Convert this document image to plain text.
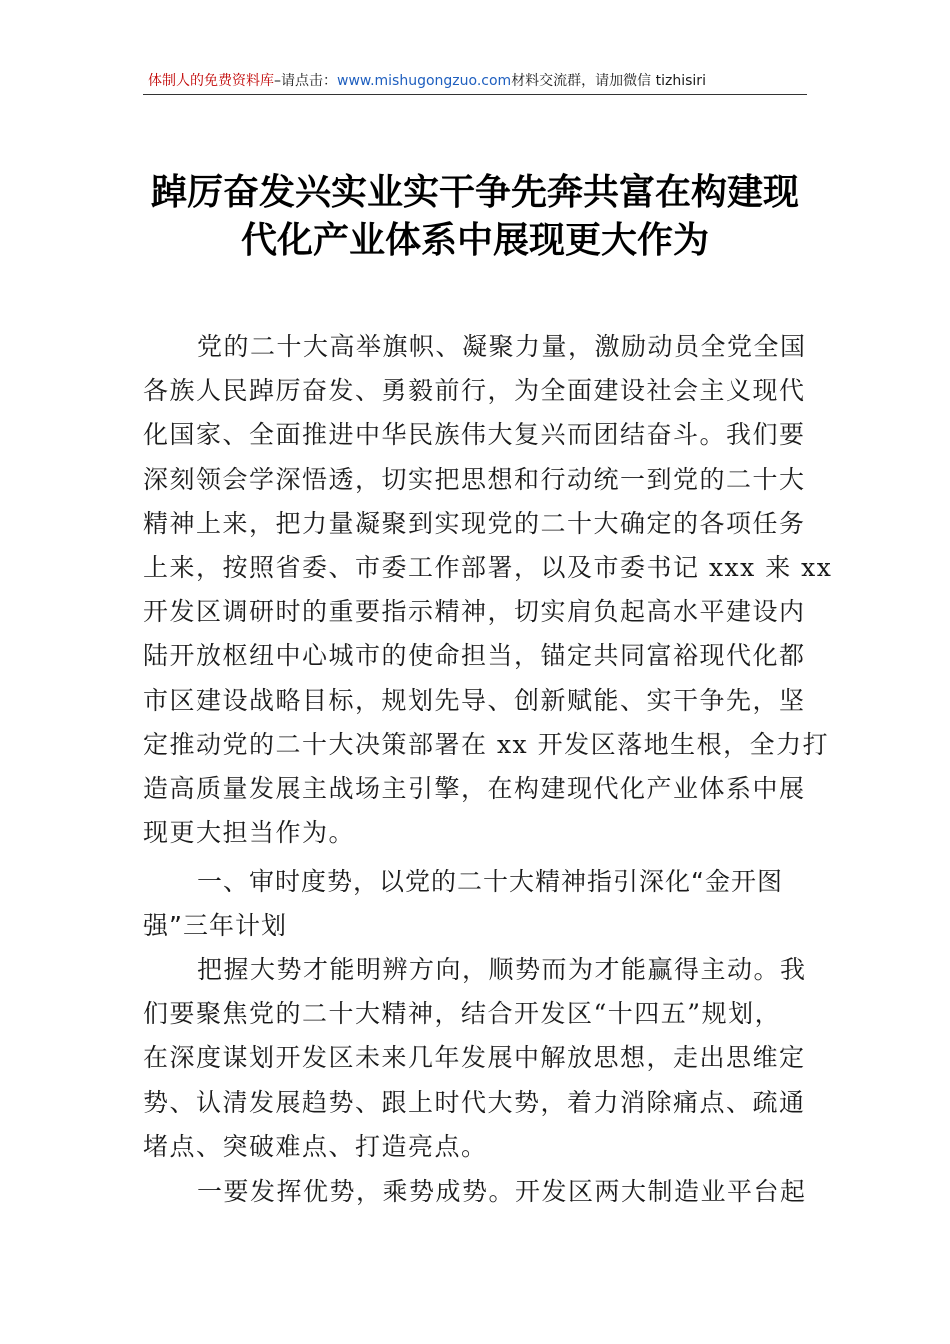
体制人的免费资料库–请点击：www.mishugongzuo.com材料交流群，请加微信 tizhisiri
踔厉奋发兴实业实干争先奔共富在构建现
代化产业体系中展现更大作为
党的二十大高举旗帜、凝聚力量，激励动员全党全国
各族人民踔厉奋发、勇毅前行，为全面建设社会主义现代
化国家、全面推进中华民族伟大复兴而团结奋斗。我们要
深刻领会学深悟透，切实把思想和行动统一到党的二十大
精神上来，把力量凝聚到实现党的二十大确定的各项任务
上来，按照省委、市委工作部署，以及市委书记 xxx 来 xx
开发区调研时的重要指示精神，切实肩负起高水平建设内
陆开放枢纽中心城市的使命担当，锚定共同富裕现代化都
市区建设战略目标，规划先导、创新赋能、实干争先，坚
定推动党的二十大决策部署在 xx 开发区落地生根，全力打
造高质量发展主战场主引擎，在构建现代化产业体系中展
现更大担当作为。
一、审时度势，以党的二十大精神指引深化“金开图
强”三年计划
把握大势才能明辨方向，顺势而为才能赢得主动。我
们要聚焦党的二十大精神，结合开发区“十四五”规划，
在深度谋划开发区未来几年发展中解放思想，走出思维定
势、认清发展趋势、跟上时代大势，着力消除痛点、疏通
堵点、突破难点、打造亮点。
一要发挥优势，乘势成势。开发区两大制造业平台起
